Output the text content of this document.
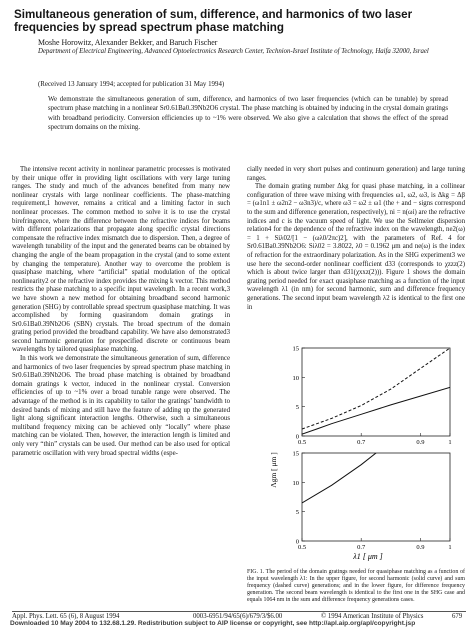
Simultaneous generation of sum, difference, and harmonics of two laser frequencies by spread spectrum phase matching
Moshe Horowitz, Alexander Bekker, and Baruch Fischer
Department of Electrical Engineering, Advanced Optoelectronics Research Center, Technion-Israel Institute of Technology, Haifa 32000, Israel
(Received 13 January 1994; accepted for publication 31 May 1994)
We demonstrate the simultaneous generation of sum, difference, and harmonics of two laser frequencies (which can be tunable) by spread spectrum phase matching in a nonlinear Sr0.61Ba0.39Nb2O6 crystal. The phase matching is obtained by inducing in the crystal domain gratings with broadband periodicity. Conversion efficiencies up to ~1% were observed. We also give a calculation that shows the effect of the spread spectrum domains on the mixing.

The intensive recent activity in nonlinear parametric processes is motivated by their unique offer in providing light oscillations with very large tuning ranges. The study and much of the advances benefited from many new nonlinear crystals with large nonlinear coefficients. The phase-matching requirement,1 however, remains a critical and a limiting factor in such nonlinear processes. The common method to solve it is to use the crystal birefringence, where the difference between the refractive indices for beams with different polarizations that propagate along specific crystal directions compensate the refractive index mismatch due to dispersion. Then, a degree of wavelength tunability of the input and the generated beams can be obtained by changing the angle of the beam propagation in the crystal (and to some extent by changing the temperature). Another way to overcome the problem is quasiphase matching, where “artificial” spatial modulation of the optical nonlinearity2 or the refractive index provides the mixing k vector. This method restricts the phase matching to a specific input wavelength. In a recent work,3 we have shown a new method for obtaining broadband second harmonic generation (SHG) by controllable spread spectrum quasiphase matching. It was accomplished by forming quasirandom domain gratings in Sr0.61Ba0.39Nb2O6 (SBN) crystals. The broad spectrum of the domain grating period provided the broadband capability. We have also demonstrated3 second harmonic generation for prespecified discrete or continuous beam wavelengths by tailored quasiphase matching.

In this work we demonstrate the simultaneous generation of sum, difference and harmonics of two laser frequencies by spread spectrum phase matching in Sr0.61Ba0.39Nb2O6. The broad phase matching is obtained by broadband domain gratings k vector, induced in the nonlinear crystal. Conversion efficiencies of up to ~1% over a broad tunable range were observed. The advantage of the method is in its capability to tailor the gratings’ bandwidth to desired bands of mixing and still have the feature of adding up the generated light along significant interaction lengths. Otherwise, such a simultaneous multiband frequency mixing can be achieved only “locally” where phase matching can be violated. Then, however, the interaction length is limited and only very “thin” crystals can be used. Our method can be also used for optical parametric oscillation with very broad spectral widths (espe-

cially needed in very short pulses and continuum generation) and large tuning ranges.

The domain grating number Δkg for quasi phase matching, in a collinear configuration of three wave mixing with frequencies ω1, ω2, ω3, is Δkg = Δβ = (ω1n1 ± ω2n2 − ω3n3)/c, where ω3 = ω2 ± ω1 (the + and − signs correspond to the sum and difference generation, respectively), ni = n(ωi) are the refractive indices and c is the vacuum speed of light. We use the Sellmeier dispersion relation4 for the dependence of the refractive index on the wavelength, ne2(ω) = 1 + Siλ02/[1 − (ωλ0/2πc)2], with the parameters of Ref. 4 for Sr0.61Ba0.39Nb2O6: Siλ02 = 3.8022, λ0 = 0.1962 μm and ne(ω) is the index of refraction for the extraordinary polarization. As in the SHG experiment3 we use here the second-order nonlinear coefficient d33 (corresponds to χzzz(2) which is about twice larger than d31(χxxz(2))). Figure 1 shows the domain grating period needed for exact quasiphase matching as a function of the input wavelength λ1 (in nm) for second harmonic, sum and difference frequency generations. The second input beam wavelength λ2 is identical to the first one in

0
5
10
15
0.5	0.7	0.9	1
0
5
10
15
0.5	0.7	0.9	1
Λgm [ μm ]
λ1 [ μm ]
FIG. 1. The period of the domain gratings needed for quasiphase matching as a function of the input wavelength λ1: In the upper figure, for second harmonic (solid curve) and sum frequency (dashed curve) generations; and in the lower figure, for difference frequency generation. The second beam wavelength is identical to the first one in the SHG case and equals 1064 nm in the sum and difference frequency generations cases.
Appl. Phys. Lett. 65 (6), 8 August 1994	0003-6951/94/65(6)/679/3/$6.00	© 1994 American Institute of Physics	679
Downloaded 10 May 2004 to 132.68.1.29. Redistribution subject to AIP license or copyright, see http://apl.aip.org/apl/copyright.jsp
